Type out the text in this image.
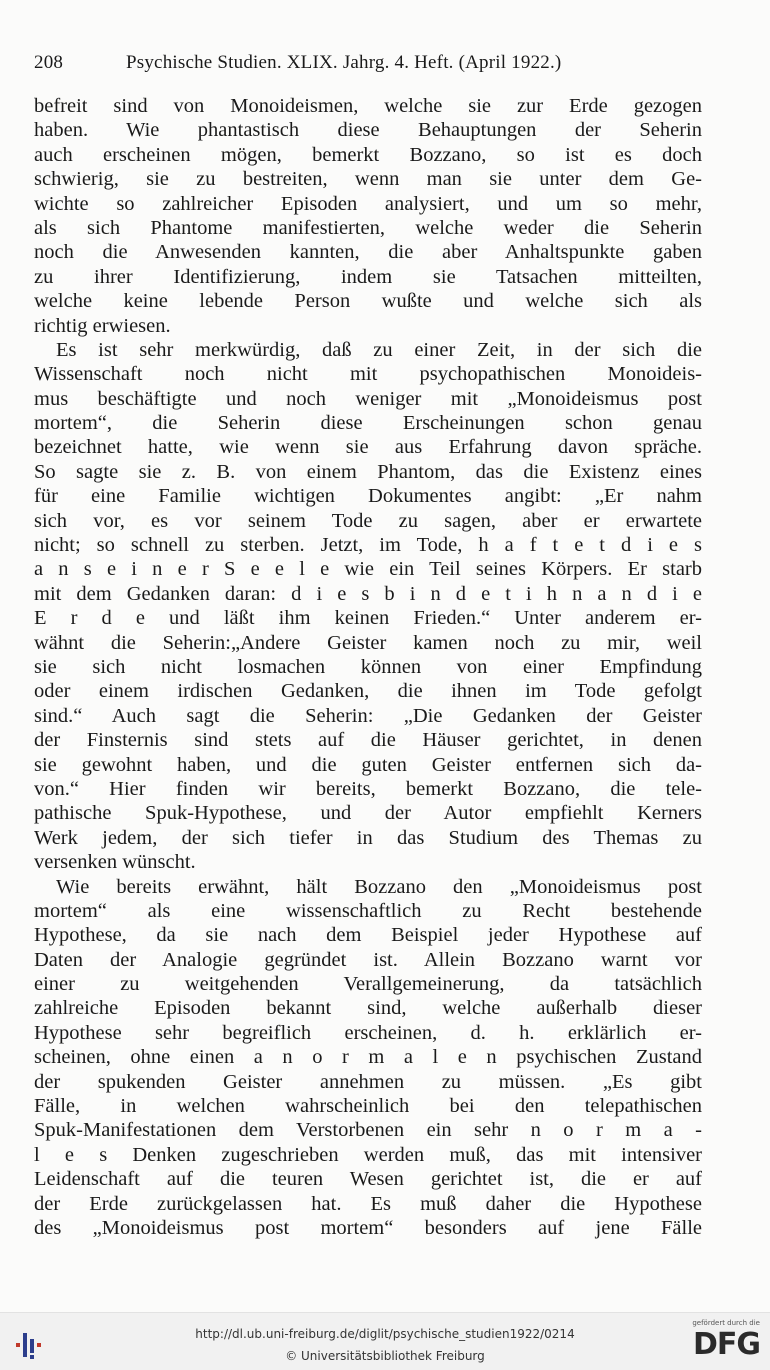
208	Psychische Studien. XLIX. Jahrg. 4. Heft. (April 1922.)
befreit sind von Monoideismen, welche sie zur Erde gezogen
haben. Wie phantastisch diese Behauptungen der Seherin
auch erscheinen mögen, bemerkt Bozzano, so ist es doch
schwierig, sie zu bestreiten, wenn man sie unter dem Ge-
wichte so zahlreicher Episoden analysiert, und um so mehr,
als sich Phantome manifestierten, welche weder die Seherin
noch die Anwesenden kannten, die aber Anhaltspunkte gaben
zu ihrer Identifizierung, indem sie Tatsachen mitteilten,
welche keine lebende Person wußte und welche sich als
richtig erwiesen.
Es ist sehr merkwürdig, daß zu einer Zeit, in der sich die
Wissenschaft noch nicht mit psychopathischen Monoideis-
mus beschäftigte und noch weniger mit „Monoideismus post
mortem“, die Seherin diese Erscheinungen schon genau
bezeichnet hatte, wie wenn sie aus Erfahrung davon spräche.
So sagte sie z. B. von einem Phantom, das die Existenz eines
für eine Familie wichtigen Dokumentes angibt: „Er nahm
sich vor, es vor seinem Tode zu sagen, aber er erwartete
nicht; so schnell zu sterben. Jetzt, im Tode, h a f t e t d i e s
a n s e i n e r S e e l e wie ein Teil seines Körpers. Er starb
mit dem Gedanken daran: d i e s b i n d e t i h n a n d i e
E r d e und läßt ihm keinen Frieden.“ Unter anderem er-
wähnt die Seherin:„Andere Geister kamen noch zu mir, weil
sie sich nicht losmachen können von einer Empfindung
oder einem irdischen Gedanken, die ihnen im Tode gefolgt
sind.“ Auch sagt die Seherin: „Die Gedanken der Geister
der Finsternis sind stets auf die Häuser gerichtet, in denen
sie gewohnt haben, und die guten Geister entfernen sich da-
von.“ Hier finden wir bereits, bemerkt Bozzano, die tele-
pathische Spuk-Hypothese, und der Autor empfiehlt Kerners
Werk jedem, der sich tiefer in das Studium des Themas zu
versenken wünscht.
Wie bereits erwähnt, hält Bozzano den „Monoideismus post
mortem“ als eine wissenschaftlich zu Recht bestehende
Hypothese, da sie nach dem Beispiel jeder Hypothese auf
Daten der Analogie gegründet ist. Allein Bozzano warnt vor
einer zu weitgehenden Verallgemeinerung, da tatsächlich
zahlreiche Episoden bekannt sind, welche außerhalb dieser
Hypothese sehr begreiflich erscheinen, d. h. erklärlich er-
scheinen, ohne einen a n o r m a l e n psychischen Zustand
der spukenden Geister annehmen zu müssen. „Es gibt
Fälle, in welchen wahrscheinlich bei den telepathischen
Spuk-Manifestationen dem Verstorbenen ein sehr n o r m a -
l e s Denken zugeschrieben werden muß, das mit intensiver
Leidenschaft auf die teuren Wesen gerichtet ist, die er auf
der Erde zurückgelassen hat. Es muß daher die Hypothese
des „Monoideismus post mortem“ besonders auf jene Fälle
http://dl.ub.uni-freiburg.de/diglit/psychische_studien1922/0214
© Universitätsbibliothek Freiburg
gefördert durch die
DFG
